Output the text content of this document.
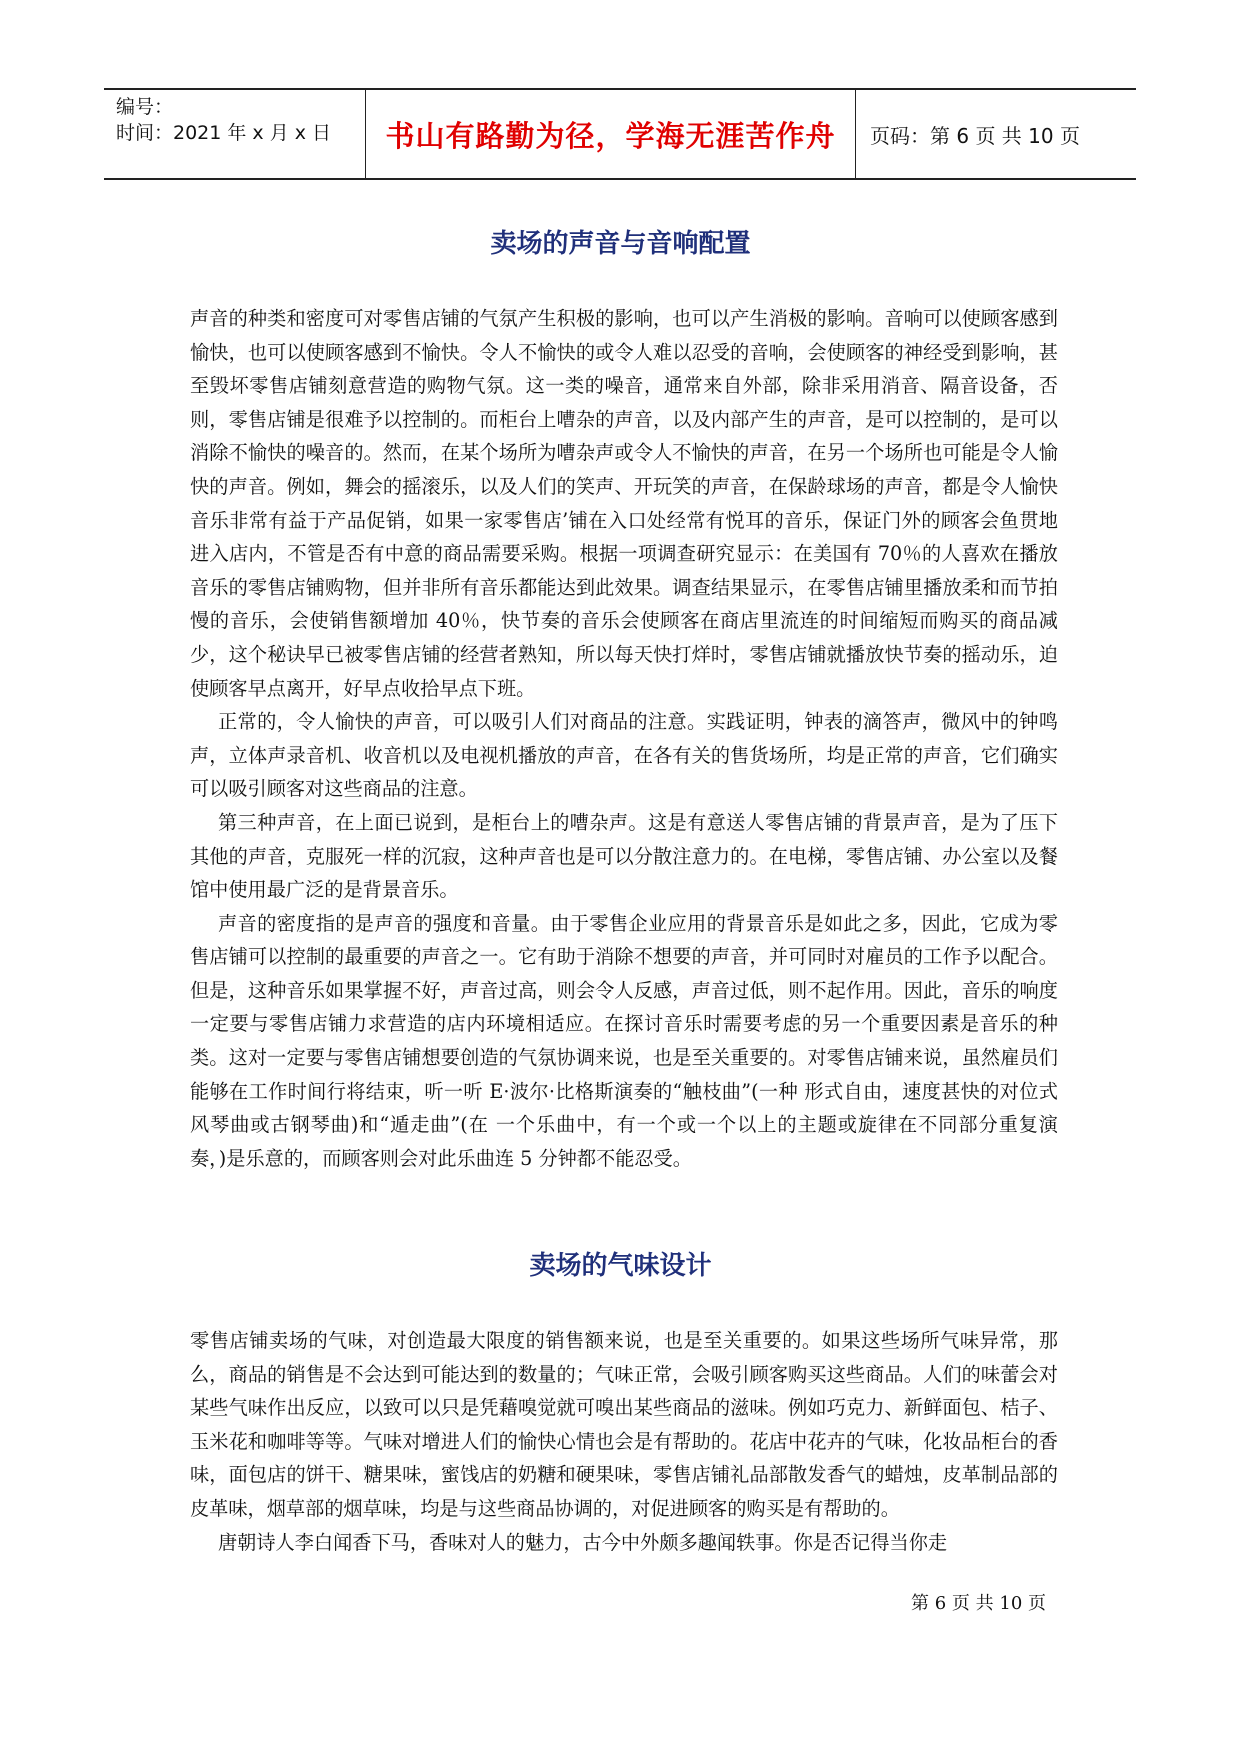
编号：
时间：2021 年 x 月 x 日	书山有路勤为径，学海无涯苦作舟	页码：第 6 页 共 10 页
卖场的声音与音响配置

声音的种类和密度可对零售店铺的气氛产生积极的影响，也可以产生消极的影响。音响可以使顾客感到愉快，也可以使顾客感到不愉快。令人不愉快的或令人难以忍受的音响，会使顾客的神经受到影响，甚至毁坏零售店铺刻意营造的购物气氛。这一类的噪音，通常来自外部，除非采用消音、隔音设备，否则，零售店铺是很难予以控制的。而柜台上嘈杂的声音，以及内部产生的声音，是可以控制的，是可以消除不愉快的噪音的。然而，在某个场所为嘈杂声或令人不愉快的声音，在另一个场所也可能是令人愉快的声音。例如，舞会的摇滚乐，以及人们的笑声、开玩笑的声音，在保龄球场的声音，都是令人愉快音乐非常有益于产品促销，如果一家零售店’铺在入口处经常有悦耳的音乐，保证门外的顾客会鱼贯地进入店内，不管是否有中意的商品需要采购。根据一项调查研究显示：在美国有 70％的人喜欢在播放音乐的零售店铺购物，但并非所有音乐都能达到此效果。调查结果显示，在零售店铺里播放柔和而节拍慢的音乐，会使销售额增加 40％，快节奏的音乐会使顾客在商店里流连的时间缩短而购买的商品减少，这个秘诀早已被零售店铺的经营者熟知，所以每天快打烊时，零售店铺就播放快节奏的摇动乐，迫使顾客早点离开，好早点收拾早点下班。

正常的，令人愉快的声音，可以吸引人们对商品的注意。实践证明，钟表的滴答声，微风中的钟鸣声，立体声录音机、收音机以及电视机播放的声音，在各有关的售货场所，均是正常的声音，它们确实可以吸引顾客对这些商品的注意。

第三种声音，在上面已说到，是柜台上的嘈杂声。这是有意送人零售店铺的背景声音，是为了压下其他的声音，克服死一样的沉寂，这种声音也是可以分散注意力的。在电梯，零售店铺、办公室以及餐馆中使用最广泛的是背景音乐。

声音的密度指的是声音的强度和音量。由于零售企业应用的背景音乐是如此之多，因此，它成为零售店铺可以控制的最重要的声音之一。它有助于消除不想要的声音，并可同时对雇员的工作予以配合。但是，这种音乐如果掌握不好，声音过高，则会令人反感，声音过低，则不起作用。因此，音乐的响度一定要与零售店铺力求营造的店内环境相适应。在探讨音乐时需要考虑的另一个重要因素是音乐的种类。这对一定要与零售店铺想要创造的气氛协调来说，也是至关重要的。对零售店铺来说，虽然雇员们能够在工作时间行将结束，听一听 E·波尔·比格斯演奏的“触枝曲”(一种 形式自由，速度甚快的对位式风琴曲或古钢琴曲)和“遁走曲”(在 一个乐曲中，有一个或一个以上的主题或旋律在不同部分重复演 奏，)是乐意的，而顾客则会对此乐曲连 5 分钟都不能忍受。

卖场的气味设计

零售店铺卖场的气味，对创造最大限度的销售额来说，也是至关重要的。如果这些场所气味异常，那么，商品的销售是不会达到可能达到的数量的；气味正常，会吸引顾客购买这些商品。人们的味蕾会对某些气味作出反应，以致可以只是凭藉嗅觉就可嗅出某些商品的滋味。例如巧克力、新鲜面包、桔子、玉米花和咖啡等等。气味对增进人们的愉快心情也会是有帮助的。花店中花卉的气味，化妆品柜台的香味，面包店的饼干、糖果味，蜜饯店的奶糖和硬果味，零售店铺礼品部散发香气的蜡烛，皮革制品部的皮革味，烟草部的烟草味，均是与这些商品协调的，对促进顾客的购买是有帮助的。

唐朝诗人李白闻香下马，香味对人的魅力，古今中外颇多趣闻轶事。你是否记得当你走

第 6 页 共 10 页
